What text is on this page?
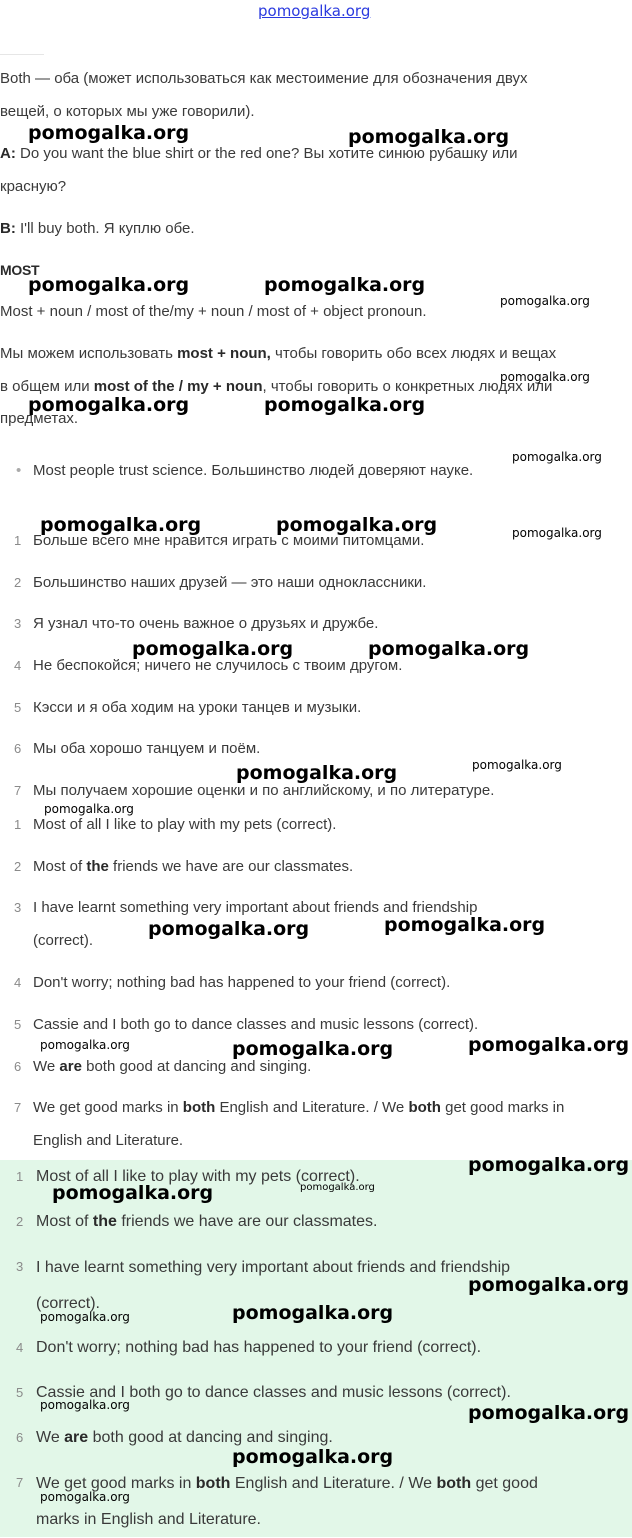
pomogalka.org
Both — оба (может использоваться как местоимение для обозначения двух
вещей, о которых мы уже говорили).
A: Do you want the blue shirt or the red one? Вы хотите синюю рубашку или
красную?
B: I'll buy both. Я куплю обе.
MOST
Most + noun / most of the/my + noun / most of + object pronoun.
Мы можем использовать most + noun, чтобы говорить обо всех людях и вещах
в общем или most of the / my + noun, чтобы говорить о конкретных людях или
предметах.
• Most people trust science. Большинство людей доверяют науке.
1 Больше всего мне нравится играть с моими питомцами.
2 Большинство наших друзей — это наши одноклассники.
3 Я узнал что-то очень важное о друзьях и дружбе.
4 Не беспокойся; ничего не случилось с твоим другом.
5 Кэсси и я оба ходим на уроки танцев и музыки.
6 Мы оба хорошо танцуем и поём.
7 Мы получаем хорошие оценки и по английскому, и по литературе.
1 Most of all I like to play with my pets (correct).
2 Most of the friends we have are our classmates.
3 I have learnt something very important about friends and friendship
(correct).
4 Don't worry; nothing bad has happened to your friend (correct).
5 Cassie and I both go to dance classes and music lessons (correct).
6 We are both good at dancing and singing.
7 We get good marks in both English and Literature. / We both get good marks in
English and Literature.
1 Most of all I like to play with my pets (correct).
2 Most of the friends we have are our classmates.
3 I have learnt something very important about friends and friendship
(correct).
4 Don't worry; nothing bad has happened to your friend (correct).
5 Cassie and I both go to dance classes and music lessons (correct).
6 We are both good at dancing and singing.
7 We get good marks in both English and Literature. / We both get good
marks in English and Literature.
pomogalka.org	pomogalka.org
pomogalka.org	pomogalka.org
pomogalka.org
pomogalka.org
pomogalka.org	pomogalka.org
pomogalka.org
pomogalka.org	pomogalka.org	pomogalka.org
pomogalka.org	pomogalka.org
pomogalka.org	pomogalka.org
pomogalka.org
pomogalka.org	pomogalka.org
pomogalka.org	pomogalka.org	pomogalka.org
pomogalka.org
pomogalka.org	pomogalka.org
pomogalka.org
pomogalka.org	pomogalka.org
pomogalka.org	pomogalka.org
pomogalka.org
pomogalka.org
